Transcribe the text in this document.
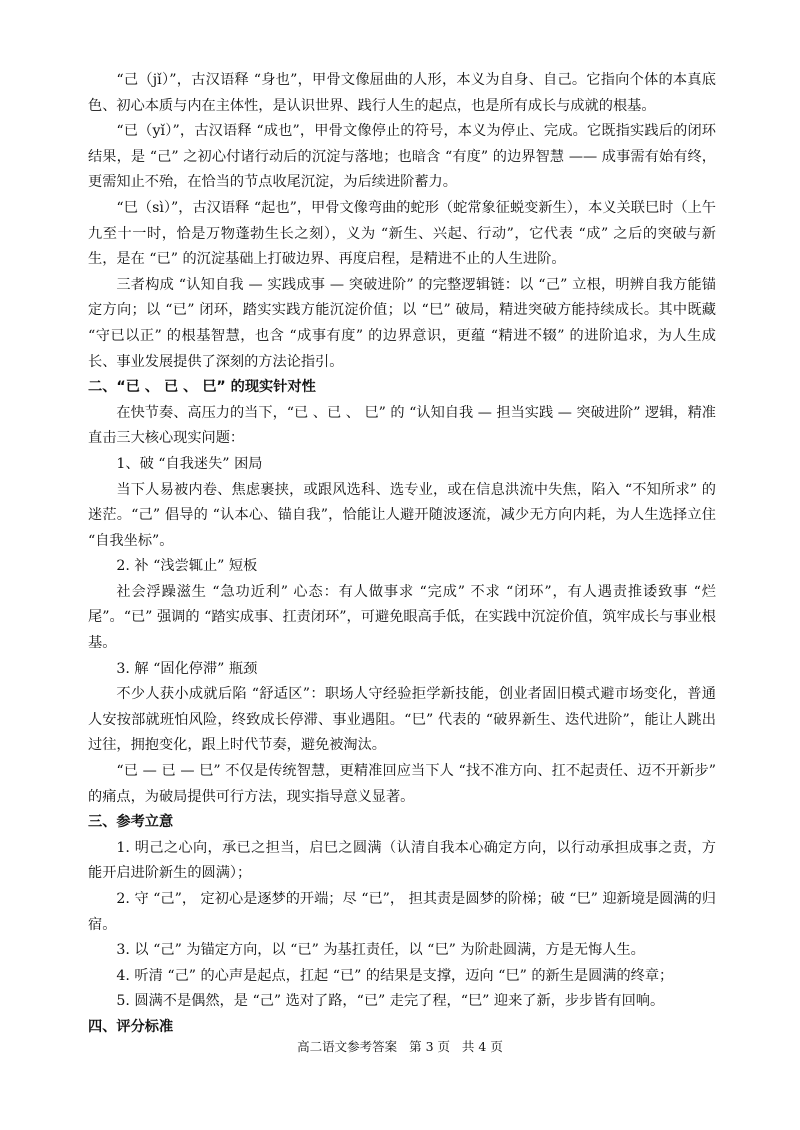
“己（jǐ）”，古汉语释 “身也”，甲骨文像屈曲的人形，本义为自身、自己。它指向个体的本真底色、初心本质与内在主体性，是认识世界、践行人生的起点，也是所有成长与成就的根基。

“已（yǐ）”，古汉语释 “成也”，甲骨文像停止的符号，本义为停止、完成。它既指实践后的闭环结果，是 “己” 之初心付诸行动后的沉淀与落地；也暗含 “有度” 的边界智慧 —— 成事需有始有终，更需知止不殆，在恰当的节点收尾沉淀，为后续进阶蓄力。

“巳（sì）”，古汉语释 “起也”，甲骨文像弯曲的蛇形（蛇常象征蜕变新生），本义关联巳时（上午九至十一时，恰是万物蓬勃生长之刻），义为 “新生、兴起、行动”，它代表 “成” 之后的突破与新生，是在 “已” 的沉淀基础上打破边界、再度启程，是精进不止的人生进阶。

三者构成 “认知自我 — 实践成事 — 突破进阶” 的完整逻辑链：以 “己” 立根，明辨自我方能锚定方向；以 “已” 闭环，踏实实践方能沉淀价值；以 “巳” 破局，精进突破方能持续成长。其中既藏 “守已以正” 的根基智慧，也含 “成事有度” 的边界意识，更蕴 “精进不辍” 的进阶追求，为人生成长、事业发展提供了深刻的方法论指引。

二、“已 、 已 、 巳” 的现实针对性

在快节奏、高压力的当下，“已 、已 、 巳” 的 “认知自我 — 担当实践 — 突破进阶” 逻辑，精准直击三大核心现实问题：

1、破 “自我迷失” 困局

当下人易被内卷、焦虑裹挟，或跟风选科、选专业，或在信息洪流中失焦，陷入 “不知所求” 的迷茫。“己” 倡导的 “认本心、锚自我”，恰能让人避开随波逐流，减少无方向内耗，为人生选择立住 “自我坐标”。

2. 补 “浅尝辄止” 短板

社会浮躁滋生 “急功近利” 心态：有人做事求 “完成” 不求 “闭环”，有人遇责推诿致事 “烂尾”。“已” 强调的 “踏实成事、扛责闭环”，可避免眼高手低，在实践中沉淀价值，筑牢成长与事业根基。

3. 解 “固化停滞” 瓶颈

不少人获小成就后陷 “舒适区”：职场人守经验拒学新技能，创业者固旧模式避市场变化，普通人安按部就班怕风险，终致成长停滞、事业遇阻。“巳” 代表的 “破界新生、迭代进阶”，能让人跳出过往，拥抱变化，跟上时代节奏，避免被淘汰。

“已 — 已 — 巳” 不仅是传统智慧，更精准回应当下人 “找不准方向、扛不起责任、迈不开新步” 的痛点，为破局提供可行方法，现实指导意义显著。

三、参考立意

1. 明己之心向，承已之担当，启巳之圆满（认清自我本心确定方向，以行动承担成事之责，方能开启进阶新生的圆满）；

2. 守 “己”， 定初心是逐梦的开端；尽 “已”， 担其责是圆梦的阶梯；破 “巳” 迎新境是圆满的归宿。

3. 以 “己” 为锚定方向，以 “已” 为基扛责任，以 “巳” 为阶赴圆满，方是无悔人生。

4. 听清 “己” 的心声是起点，扛起 “已” 的结果是支撑，迈向 “巳” 的新生是圆满的终章；

5. 圆满不是偶然，是 “己” 选对了路，“已” 走完了程，“巳” 迎来了新，步步皆有回响。

四、评分标准

高二语文参考答案 第 3 页 共 4 页
